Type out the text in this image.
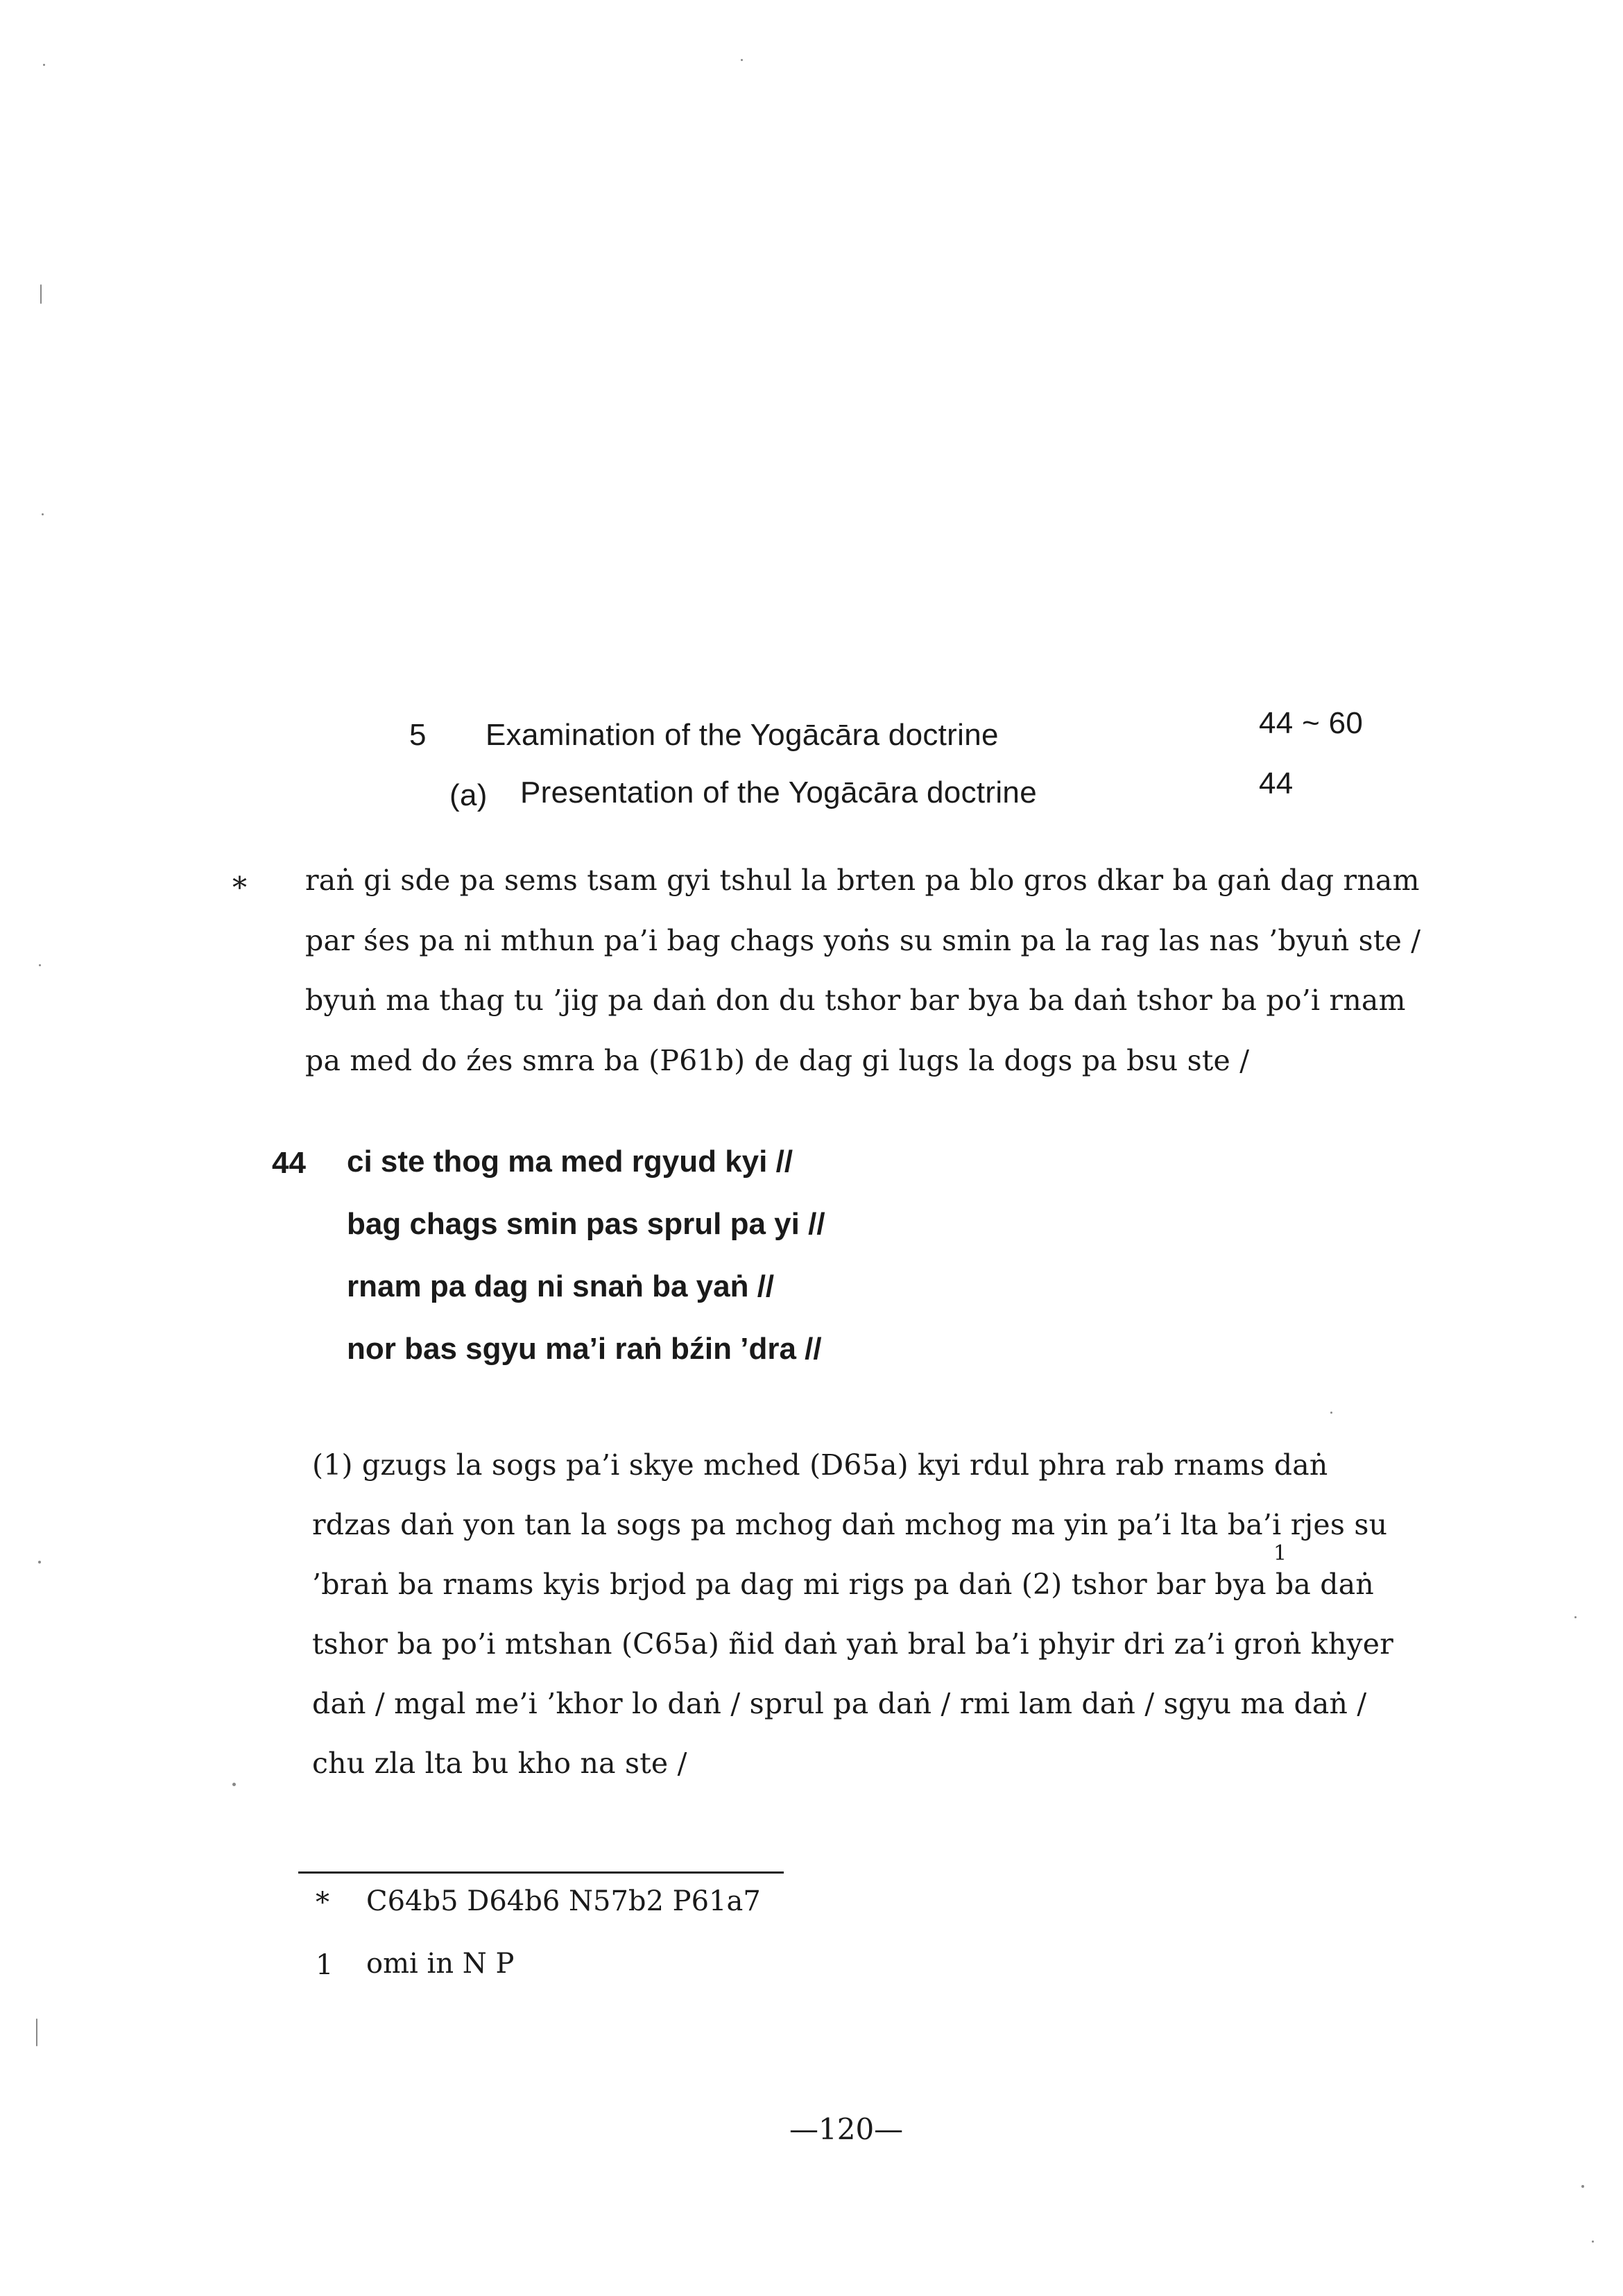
5 Examination of the Yogācāra doctrine	44 ~ 60
(a) Presentation of the Yogācāra doctrine	44
* raṅ gi sde pa sems tsam gyi tshul la brten pa blo gros dkar ba gaṅ dag rnam
par śes pa ni mthun pa’i bag chags yoṅs su smin pa la rag las nas ’byuṅ ste /
byuṅ ma thag tu ’jig pa daṅ don du tshor bar bya ba daṅ tshor ba po’i rnam
pa med do źes smra ba (P61b) de dag gi lugs la dogs pa bsu ste /
44 ci ste thog ma med rgyud kyi //
bag chags smin pas sprul pa yi //
rnam pa dag ni snaṅ ba yaṅ //
nor bas sgyu ma’i raṅ bźin ’dra //
(1) gzugs la sogs pa’i skye mched (D65a) kyi rdul phra rab rnams daṅ
rdzas daṅ yon tan la sogs pa mchog daṅ mchog ma yin pa’i lta ba’i rjes su
1
’braṅ ba rnams kyis brjod pa dag mi rigs pa daṅ (2) tshor bar bya ba daṅ
tshor ba po’i mtshan (C65a) ñid daṅ yaṅ bral ba’i phyir dri za’i groṅ khyer
daṅ / mgal me’i ’khor lo daṅ / sprul pa daṅ / rmi lam daṅ / sgyu ma daṅ /
chu zla lta bu kho na ste /
* C64b5 D64b6 N57b2 P61a7
1 omi in N P
—120—
